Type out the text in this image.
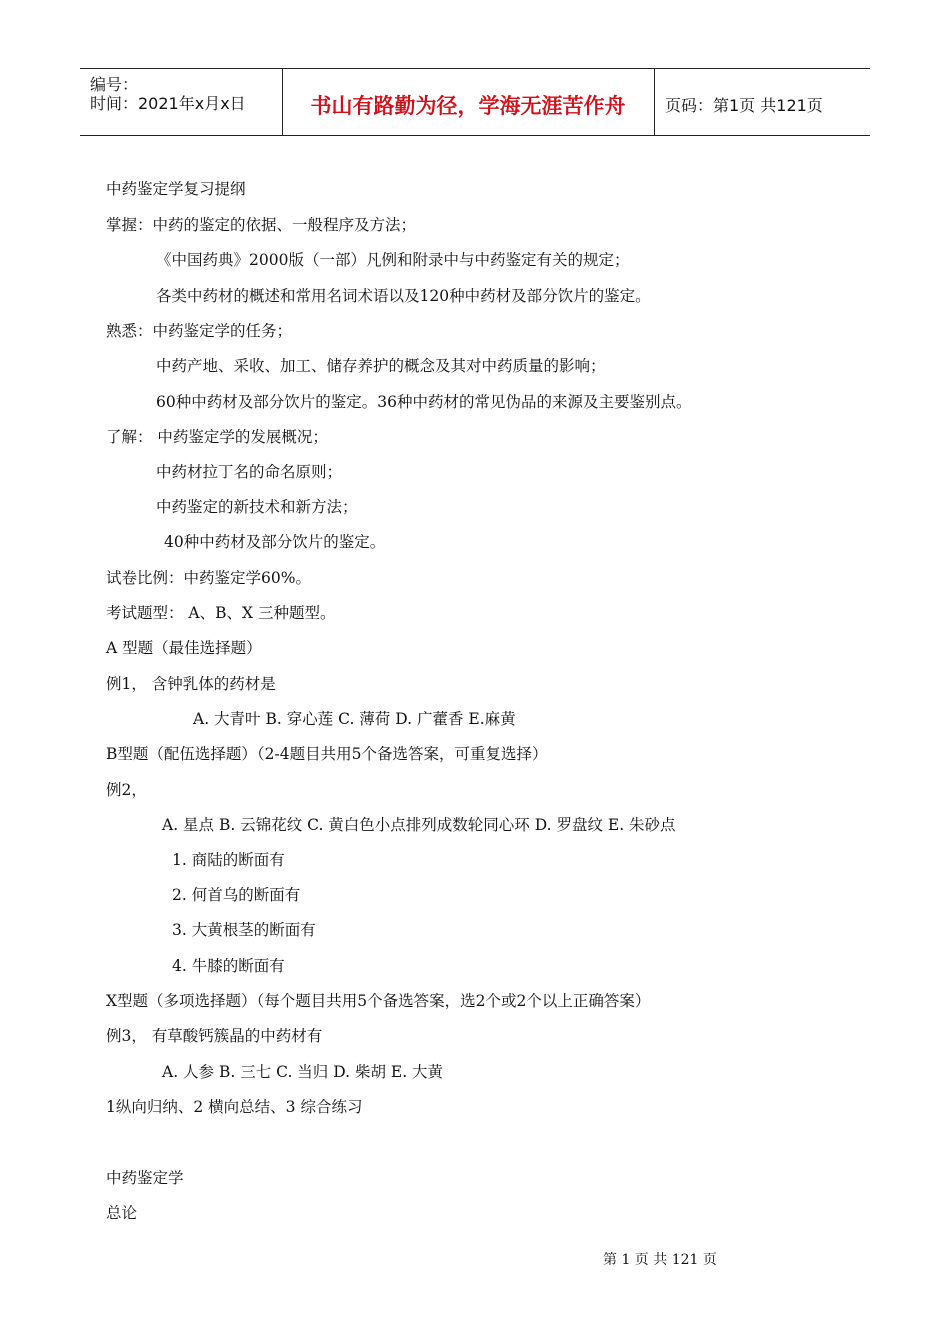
编号：
时间：2021年x月x日	书山有路勤为径，学海无涯苦作舟	页码：第1页 共121页
中药鉴定学复习提纲
掌握：中药的鉴定的依据、一般程序及方法；
《中国药典》2000版（一部）凡例和附录中与中药鉴定有关的规定；
各类中药材的概述和常用名词术语以及120种中药材及部分饮片的鉴定。
熟悉：中药鉴定学的任务；
中药产地、采收、加工、储存养护的概念及其对中药质量的影响；
60种中药材及部分饮片的鉴定。36种中药材的常见伪品的来源及主要鉴别点。
了解： 中药鉴定学的发展概况；
中药材拉丁名的命名原则；
中药鉴定的新技术和新方法；
40种中药材及部分饮片的鉴定。
试卷比例：中药鉴定学60%。
考试题型： A、B、X 三种题型。
A 型题（最佳选择题）
例1， 含钟乳体的药材是
A. 大青叶 B. 穿心莲 C. 薄荷 D. 广藿香 E.麻黄
B型题（配伍选择题）（2-4题目共用5个备选答案，可重复选择）
例2，
A. 星点 B. 云锦花纹 C. 黄白色小点排列成数轮同心环 D. 罗盘纹 E. 朱砂点
1. 商陆的断面有
2. 何首乌的断面有
3. 大黄根茎的断面有
4. 牛膝的断面有
X型题（多项选择题）（每个题目共用5个备选答案，选2个或2个以上正确答案）
例3， 有草酸钙簇晶的中药材有
A. 人参 B. 三七 C. 当归 D. 柴胡 E. 大黄
1纵向归纳、2 横向总结、3 综合练习
中药鉴定学
总论
第 1 页 共 121 页
